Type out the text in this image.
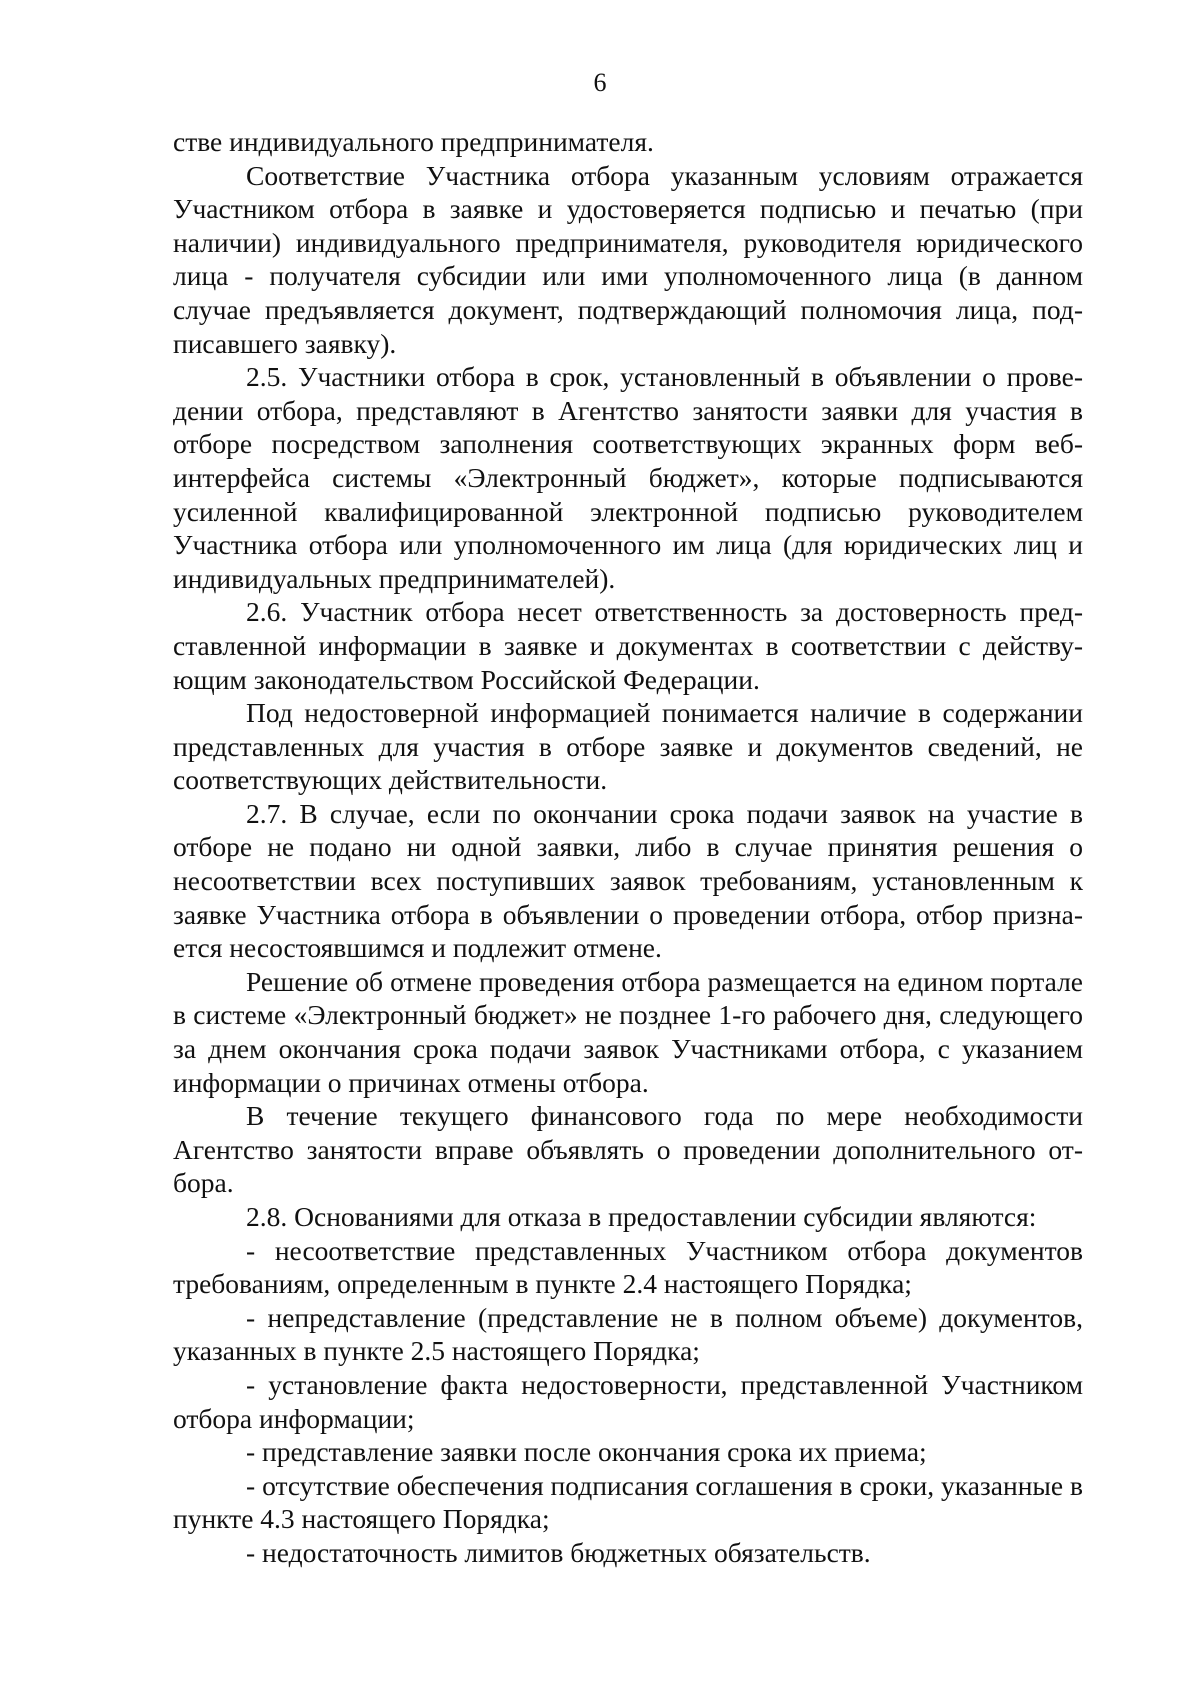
6

стве индивидуального предпринимателя.

Соответствие Участника отбора указанным условиям отражается Участником отбора в заявке и удостоверяется подписью и печатью (при наличии) индивидуального предпринимателя, руководителя юридического лица - получателя субсидии или ими уполномоченного лица (в данном случае предъявляется документ, подтверждающий полномочия лица, подписавшего заявку).

2.5. Участники отбора в срок, установленный в объявлении о проведении отбора, представляют в Агентство занятости заявки для участия в отборе посредством заполнения соответствующих экранных форм веб-интерфейса системы «Электронный бюджет», которые подписываются усиленной квалифицированной электронной подписью руководителем Участника отбора или уполномоченного им лица (для юридических лиц и индивидуальных предпринимателей).

2.6. Участник отбора несет ответственность за достоверность представленной информации в заявке и документах в соответствии с действующим законодательством Российской Федерации.

Под недостоверной информацией понимается наличие в содержании представленных для участия в отборе заявке и документов сведений, не соответствующих действительности.

2.7. В случае, если по окончании срока подачи заявок на участие в отборе не подано ни одной заявки, либо в случае принятия решения о несоответствии всех поступивших заявок требованиям, установленным к заявке Участника отбора в объявлении о проведении отбора, отбор признается несостоявшимся и подлежит отмене.

Решение об отмене проведения отбора размещается на едином портале в системе «Электронный бюджет» не позднее 1-го рабочего дня, следующего за днем окончания срока подачи заявок Участниками отбора, с указанием информации о причинах отмены отбора.

В течение текущего финансового года по мере необходимости Агентство занятости вправе объявлять о проведении дополнительного отбора.

2.8. Основаниями для отказа в предоставлении субсидии являются:

- несоответствие представленных Участником отбора документов требованиям, определенным в пункте 2.4 настоящего Порядка;

- непредставление (представление не в полном объеме) документов, указанных в пункте 2.5 настоящего Порядка;

- установление факта недостоверности, представленной Участником отбора информации;

- представление заявки после окончания срока их приема;

- отсутствие обеспечения подписания соглашения в сроки, указанные в пункте 4.3 настоящего Порядка;

- недостаточность лимитов бюджетных обязательств.
